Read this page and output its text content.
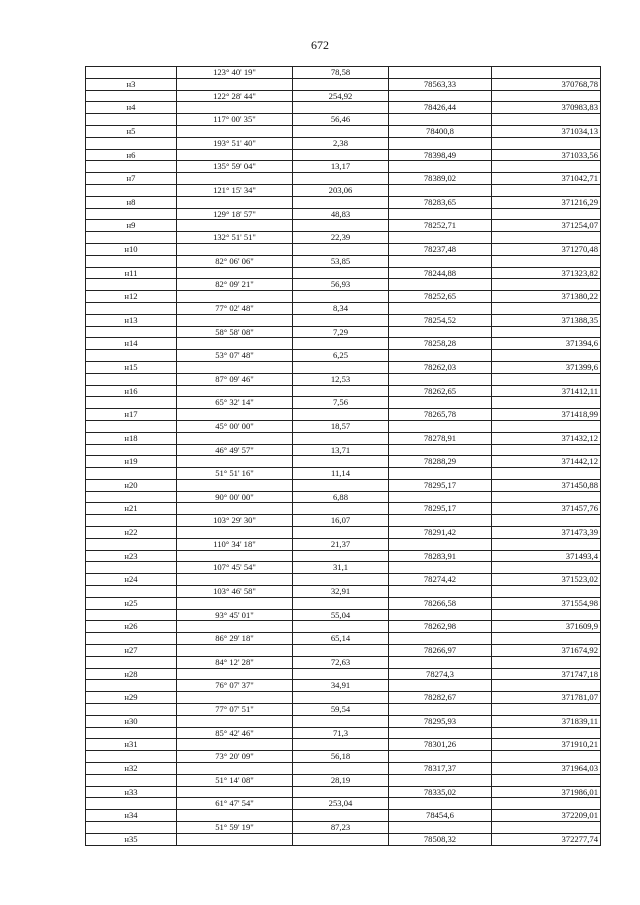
672
	123° 40' 19"	78,58		
н3			78563,33	370768,78
	122° 28' 44"	254,92		
н4			78426,44	370983,83
	117° 00' 35"	56,46		
н5			78400,8	371034,13
	193° 51' 40"	2,38		
н6			78398,49	371033,56
	135° 59' 04"	13,17		
н7			78389,02	371042,71
	121° 15' 34"	203,06		
н8			78283,65	371216,29
	129° 18' 57"	48,83		
н9			78252,71	371254,07
	132° 51' 51"	22,39		
н10			78237,48	371270,48
	82° 06' 06"	53,85		
н11			78244,88	371323,82
	82° 09' 21"	56,93		
н12			78252,65	371380,22
	77° 02' 48"	8,34		
н13			78254,52	371388,35
	58° 58' 08"	7,29		
н14			78258,28	371394,6
	53° 07' 48"	6,25		
н15			78262,03	371399,6
	87° 09' 46"	12,53		
н16			78262,65	371412,11
	65° 32' 14"	7,56		
н17			78265,78	371418,99
	45° 00' 00"	18,57		
н18			78278,91	371432,12
	46° 49' 57"	13,71		
н19			78288,29	371442,12
	51° 51' 16"	11,14		
н20			78295,17	371450,88
	90° 00' 00"	6,88		
н21			78295,17	371457,76
	103° 29' 30"	16,07		
н22			78291,42	371473,39
	110° 34' 18"	21,37		
н23			78283,91	371493,4
	107° 45' 54"	31,1		
н24			78274,42	371523,02
	103° 46' 58"	32,91		
н25			78266,58	371554,98
	93° 45' 01"	55,04		
н26			78262,98	371609,9
	86° 29' 18"	65,14		
н27			78266,97	371674,92
	84° 12' 28"	72,63		
н28			78274,3	371747,18
	76° 07' 37"	34,91		
н29			78282,67	371781,07
	77° 07' 51"	59,54		
н30			78295,93	371839,11
	85° 42' 46"	71,3		
н31			78301,26	371910,21
	73° 20' 09"	56,18		
н32			78317,37	371964,03
	51° 14' 08"	28,19		
н33			78335,02	371986,01
	61° 47' 54"	253,04		
н34			78454,6	372209,01
	51° 59' 19"	87,23		
н35			78508,32	372277,74
